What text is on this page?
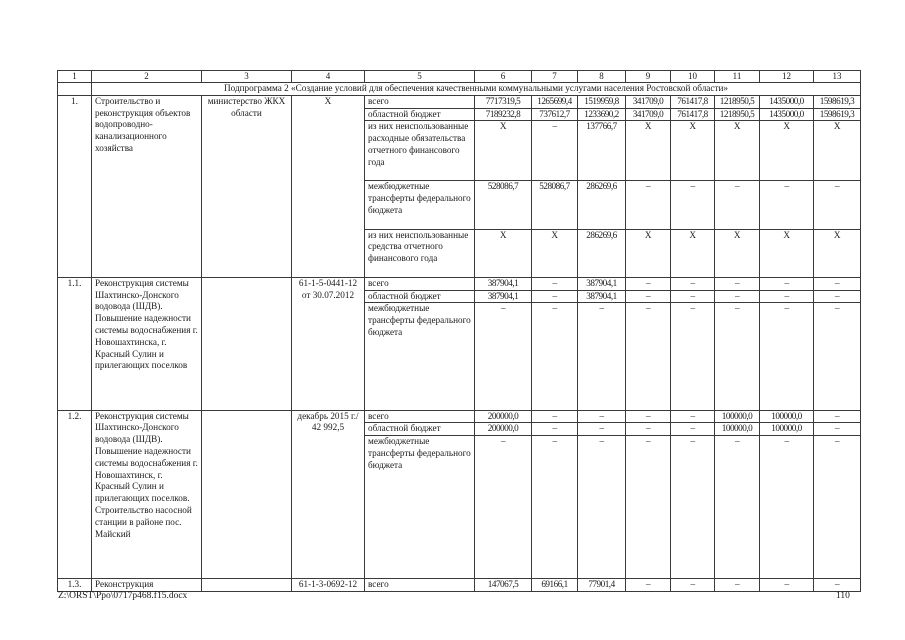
1	2	3	4	5	6	7	8	9	10	11	12	13
	Подпрограмма 2 «Создание условий для обеспечения качественными коммунальными услугами населения Ростовской области»											
1.	Строительство и реконструкция объектов водопроводно-канализационного хозяйства	министерство ЖКХ области	X	всего	7717319,5	1265699,4	1519959,8	341709,0	761417,8	1218950,5	1435000,0	1598619,3
				областной бюджет	7189232,8	737612,7	1233690,2	341709,0	761417,8	1218950,5	1435000,0	1598619,3
				из них неиспользованные расходные обязательства отчетного финансового года	X	–	137766,7	X	X	X	X	X
				межбюджетные трансферты федерального бюджета	528086,7	528086,7	286269,6	–	–	–	–	–
				из них неиспользованные средства отчетного финансового года	X	X	286269,6	X	X	X	X	X
1.1.	Реконструкция системы Шахтинско-Донского водовода (ШДВ). Повышение надежности системы водоснабжения г. Новошахтинска, г. Красный Сулин и прилегающих поселков		61-1-5-0441-12 от 30.07.2012	всего	387904,1	–	387904,1	–	–	–	–	–
				областной бюджет	387904,1	–	387904,1	–	–	–	–	–
				межбюджетные трансферты федерального бюджета	–	–	–	–	–	–	–	–
1.2.	Реконструкция системы Шахтинско-Донского водовода (ШДВ). Повышение надежности системы водоснабжения г. Новошахтинск, г. Красный Сулин и прилегающих поселков. Строительство насосной станции в районе пос. Майский		декабрь 2015 г./ 42 992,5	всего	200000,0	–	–	–	–	100000,0	100000,0	–
				областной бюджет	200000,0	–	–	–	–	100000,0	100000,0	–
				межбюджетные трансферты федерального бюджета	–	–	–	–	–	–	–	–
1.3.	Реконструкция		61-1-3-0692-12	всего	147067,5	69166,1	77901,4	–	–	–	–	–
Z:\ORST\Ppo\0717p468.f15.docx	110
